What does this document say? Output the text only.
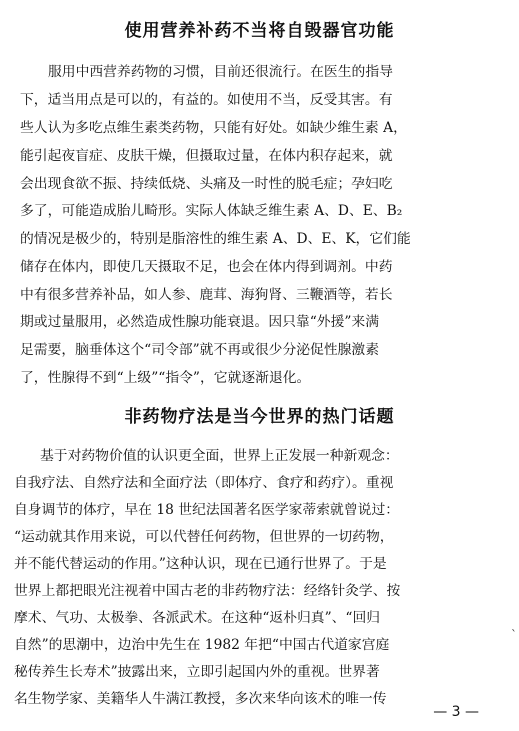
使用营养补药不当将自毁器官功能
服用中西营养药物的习惯，目前还很流行。在医生的指导
下，适当用点是可以的，有益的。如使用不当，反受其害。有
些人认为多吃点维生素类药物，只能有好处。如缺少维生素 A，
能引起夜盲症、皮肤干燥，但摄取过量，在体内积存起来，就
会出现食欲不振、持续低烧、头痛及一时性的脱毛症；孕妇吃
多了，可能造成胎儿畸形。实际人体缺乏维生素 A、D、E、B₂
的情况是极少的，特别是脂溶性的维生素 A、D、E、K，它们能
储存在体内，即使几天摄取不足，也会在体内得到调剂。中药
中有很多营养补品，如人参、鹿茸、海狗肾、三鞭酒等，若长
期或过量服用，必然造成性腺功能衰退。因只靠“外援”来满
足需要，脑垂体这个“司令部”就不再或很少分泌促性腺激素
了，性腺得不到“上级”“指令”，它就逐渐退化。
非药物疗法是当今世界的热门话题
基于对药物价值的认识更全面，世界上正发展一种新观念：
自我疗法、自然疗法和全面疗法（即体疗、食疗和药疗）。重视
自身调节的体疗，早在 18 世纪法国著名医学家蒂索就曾说过：
“运动就其作用来说，可以代替任何药物，但世界的一切药物，
并不能代替运动的作用。”这种认识，现在已通行世界了。于是
世界上都把眼光注视着中国古老的非药物疗法：经络针灸学、按
摩术、气功、太极拳、各派武术。在这种“返朴归真”、“回归
自然”的思潮中，边治中先生在 1982 年把“中国古代道家宫庭
秘传养生长寿术”披露出来，立即引起国内外的重视。世界著
名生物学家、美籍华人牛满江教授，多次来华向该术的唯一传
ˋ
— 3 —
